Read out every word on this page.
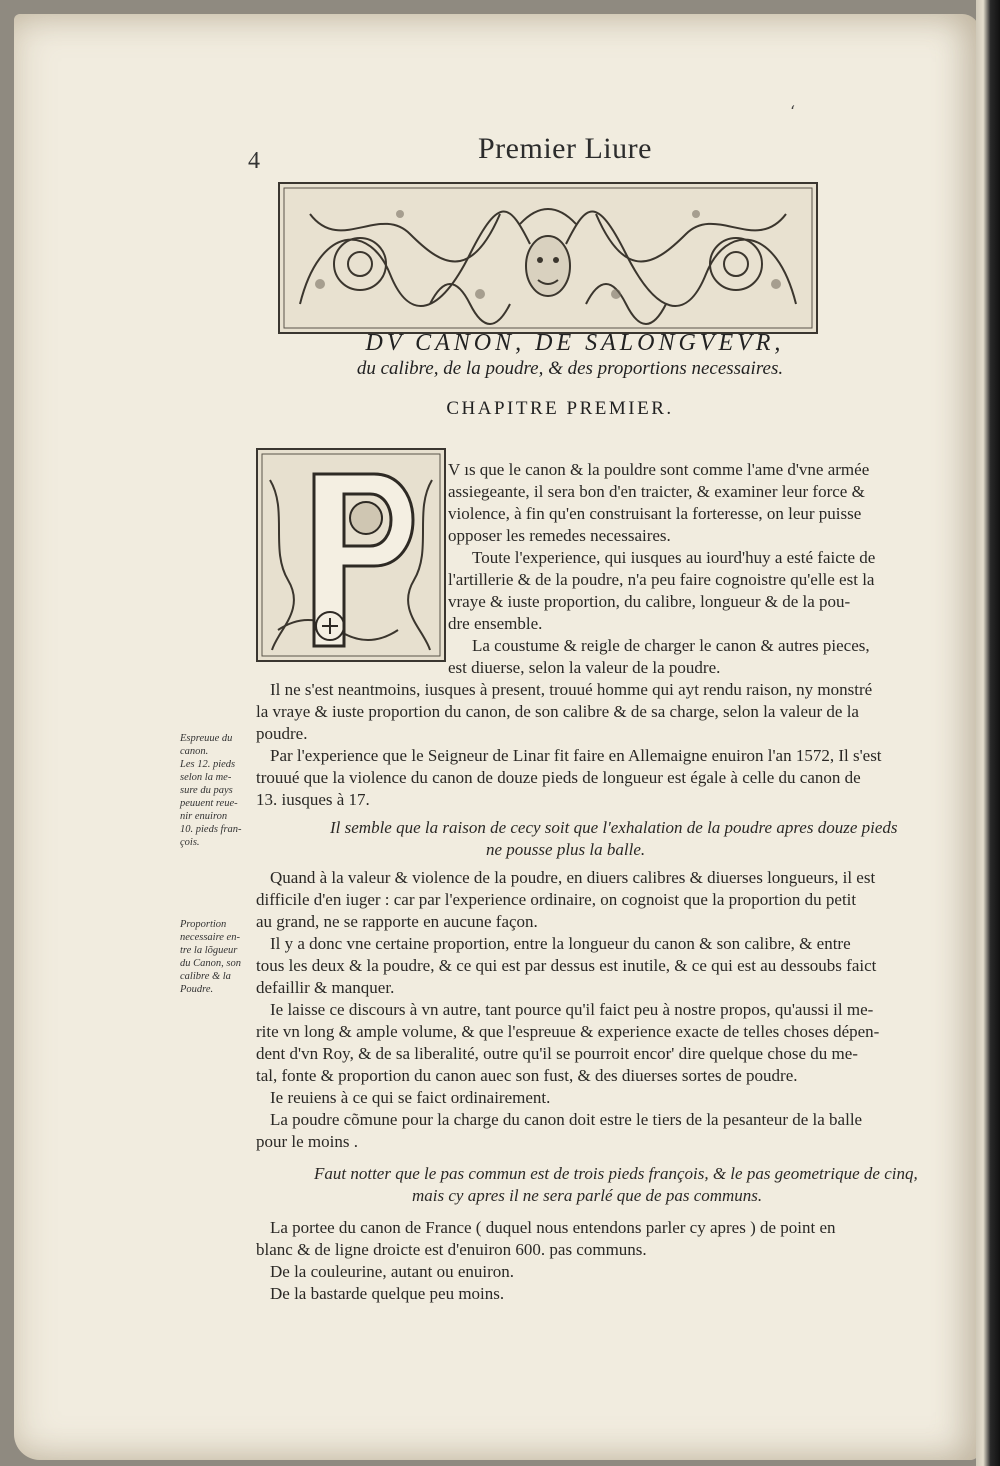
‘
4	Premier Liure
DV CANON, DE SALONGVEVR,
du calibre, de la poudre, & des proportions necessaires.
CHAPITRE PREMIER.
V ıs que le canon & la pouldre sont comme l'ame d'vne armée
assiegeante, il sera bon d'en traicter, & examiner leur force &
violence, à fin qu'en construisant la forteresse, on leur puisse
opposer les remedes necessaires.
Toute l'experience, qui iusques au iourd'huy a esté faicte de
l'artillerie & de la poudre, n'a peu faire cognoistre qu'elle est la
vraye & iuste proportion, du calibre, longueur & de la pou-
dre ensemble.
La coustume & reigle de charger le canon & autres pieces,
est diuerse, selon la valeur de la poudre.
Il ne s'est neantmoins, iusques à present, trouué homme qui ayt rendu raison, ny monstré
la vraye & iuste proportion du canon, de son calibre & de sa charge, selon la valeur de la
poudre.
Par l'experience que le Seigneur de Linar fit faire en Allemaigne enuiron l'an 1572, Il s'est
trouué que la violence du canon de douze pieds de longueur est égale à celle du canon de
13. iusques à 17.
Il semble que la raison de cecy soit que l'exhalation de la poudre apres douze pieds
ne pousse plus la balle.
Quand à la valeur & violence de la poudre, en diuers calibres & diuerses longueurs, il est
difficile d'en iuger : car par l'experience ordinaire, on cognoist que la proportion du petit
au grand, ne se rapporte en aucune façon.
Il y a donc vne certaine proportion, entre la longueur du canon & son calibre, & entre
tous les deux & la poudre, & ce qui est par dessus est inutile, & ce qui est au dessoubs faict
defaillir & manquer.
Ie laisse ce discours à vn autre, tant pource qu'il faict peu à nostre propos, qu'aussi il me-
rite vn long & ample volume, & que l'espreuue & experience exacte de telles choses dépen-
dent d'vn Roy, & de sa liberalité, outre qu'il se pourroit encor' dire quelque chose du me-
tal, fonte & proportion du canon auec son fust, & des diuerses sortes de poudre.
Ie reuiens à ce qui se faict ordinairement.
La poudre cõmune pour la charge du canon doit estre le tiers de la pesanteur de la balle
pour le moins .
Faut notter que le pas commun est de trois pieds françois, & le pas geometrique de cinq,
mais cy apres il ne sera parlé que de pas communs.
La portee du canon de France ( duquel nous entendons parler cy apres ) de point en
blanc & de ligne droicte est d'enuiron 600. pas communs.
De la couleurine, autant ou enuiron.
De la bastarde quelque peu moins.
Espreuue du
canon.
Les 12. pieds
selon la me-
sure du pays
peuuent reue-
nir enuiron
10. pieds fran-
çois.
Proportion
necessaire en-
tre la lõgueur
du Canon, son
calibre & la
Poudre.
